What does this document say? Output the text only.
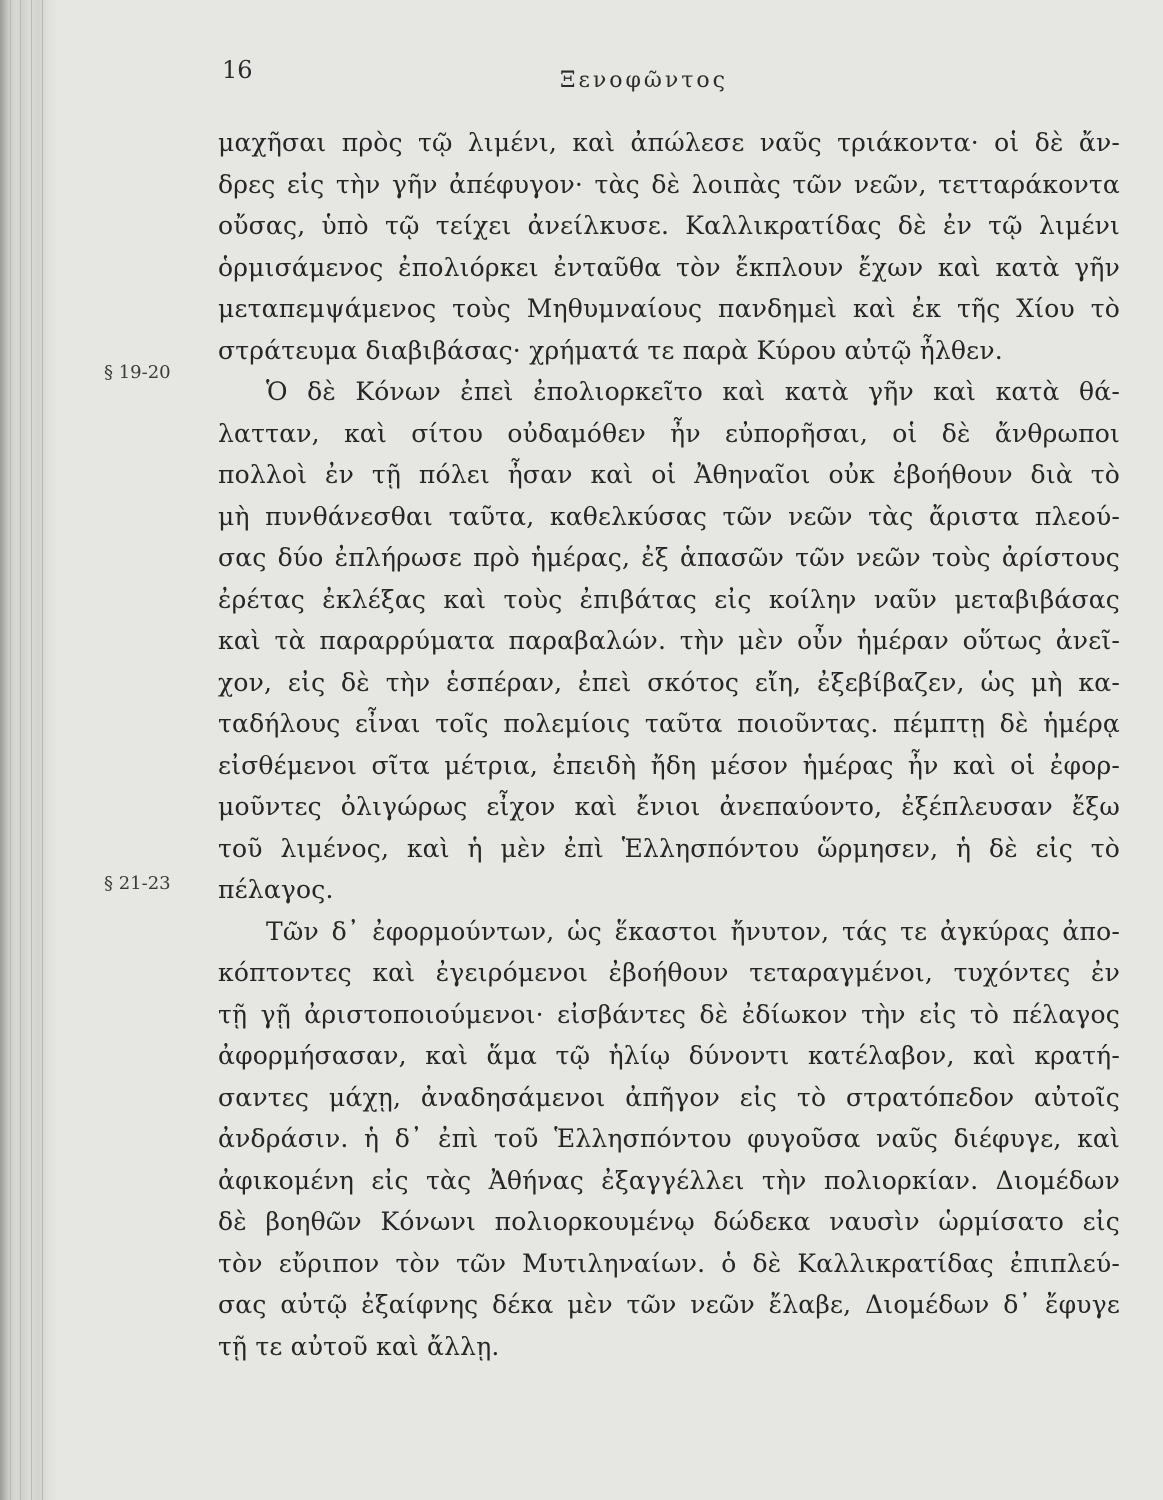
16	Ξενοφῶντος
§ 19-20
§ 21-23
μαχῆσαι πρὸς τῷ λιμένι, καὶ ἀπώλεσε ναῦς τριάκοντα· οἱ δὲ ἄν-
δρες εἰς τὴν γῆν ἀπέφυγον· τὰς δὲ λοιπὰς τῶν νεῶν, τετταράκοντα
οὔσας, ὑπὸ τῷ τείχει ἀνείλκυσε. Καλλικρατίδας δὲ ἐν τῷ λιμένι
ὁρμισάμενος ἐπολιόρκει ἐνταῦθα τὸν ἔκπλουν ἔχων καὶ κατὰ γῆν
μεταπεμψάμενος τοὺς Μηθυμναίους πανδημεὶ καὶ ἐκ τῆς Χίου τὸ
στράτευμα διαβιβάσας· χρήματά τε παρὰ Κύρου αὐτῷ ἦλθεν.
Ὁ δὲ Κόνων ἐπεὶ ἐπολιορκεῖτο καὶ κατὰ γῆν καὶ κατὰ θά-
λατταν, καὶ σίτου οὐδαμόθεν ἦν εὐπορῆσαι, οἱ δὲ ἄνθρωποι
πολλοὶ ἐν τῇ πόλει ἦσαν καὶ οἱ Ἀθηναῖοι οὐκ ἐβοήθουν διὰ τὸ
μὴ πυνθάνεσθαι ταῦτα, καθελκύσας τῶν νεῶν τὰς ἄριστα πλεού-
σας δύο ἐπλήρωσε πρὸ ἡμέρας, ἐξ ἁπασῶν τῶν νεῶν τοὺς ἀρίστους
ἐρέτας ἐκλέξας καὶ τοὺς ἐπιβάτας εἰς κοίλην ναῦν μεταβιβάσας
καὶ τὰ παραρρύματα παραβαλών. τὴν μὲν οὖν ἡμέραν οὕτως ἀνεῖ-
χον, εἰς δὲ τὴν ἑσπέραν, ἐπεὶ σκότος εἴη, ἐξεβίβαζεν, ὡς μὴ κα-
ταδήλους εἶναι τοῖς πολεμίοις ταῦτα ποιοῦντας. πέμπτῃ δὲ ἡμέρᾳ
εἰσθέμενοι σῖτα μέτρια, ἐπειδὴ ἤδη μέσον ἡμέρας ἦν καὶ οἱ ἐφορ-
μοῦντες ὀλιγώρως εἶχον καὶ ἔνιοι ἀνεπαύοντο, ἐξέπλευσαν ἔξω
τοῦ λιμένος, καὶ ἡ μὲν ἐπὶ Ἑλλησπόντου ὥρμησεν, ἡ δὲ εἰς τὸ
πέλαγος.
Τῶν δ᾽ ἐφορμούντων, ὡς ἕκαστοι ἤνυτον, τάς τε ἀγκύρας ἀπο-
κόπτοντες καὶ ἐγειρόμενοι ἐβοήθουν τεταραγμένοι, τυχόντες ἐν
τῇ γῇ ἀριστοποιούμενοι· εἰσβάντες δὲ ἐδίωκον τὴν εἰς τὸ πέλαγος
ἀφορμήσασαν, καὶ ἅμα τῷ ἡλίῳ δύνοντι κατέλαβον, καὶ κρατή-
σαντες μάχῃ, ἀναδησάμενοι ἀπῆγον εἰς τὸ στρατόπεδον αὐτοῖς
ἀνδράσιν. ἡ δ᾽ ἐπὶ τοῦ Ἑλλησπόντου φυγοῦσα ναῦς διέφυγε, καὶ
ἀφικομένη εἰς τὰς Ἀθήνας ἐξαγγέλλει τὴν πολιορκίαν. Διομέδων
δὲ βοηθῶν Κόνωνι πολιορκουμένῳ δώδεκα ναυσὶν ὡρμίσατο εἰς
τὸν εὔριπον τὸν τῶν Μυτιληναίων. ὁ δὲ Καλλικρατίδας ἐπιπλεύ-
σας αὐτῷ ἐξαίφνης δέκα μὲν τῶν νεῶν ἔλαβε, Διομέδων δ᾽ ἔφυγε
τῇ τε αὐτοῦ καὶ ἄλλῃ.
